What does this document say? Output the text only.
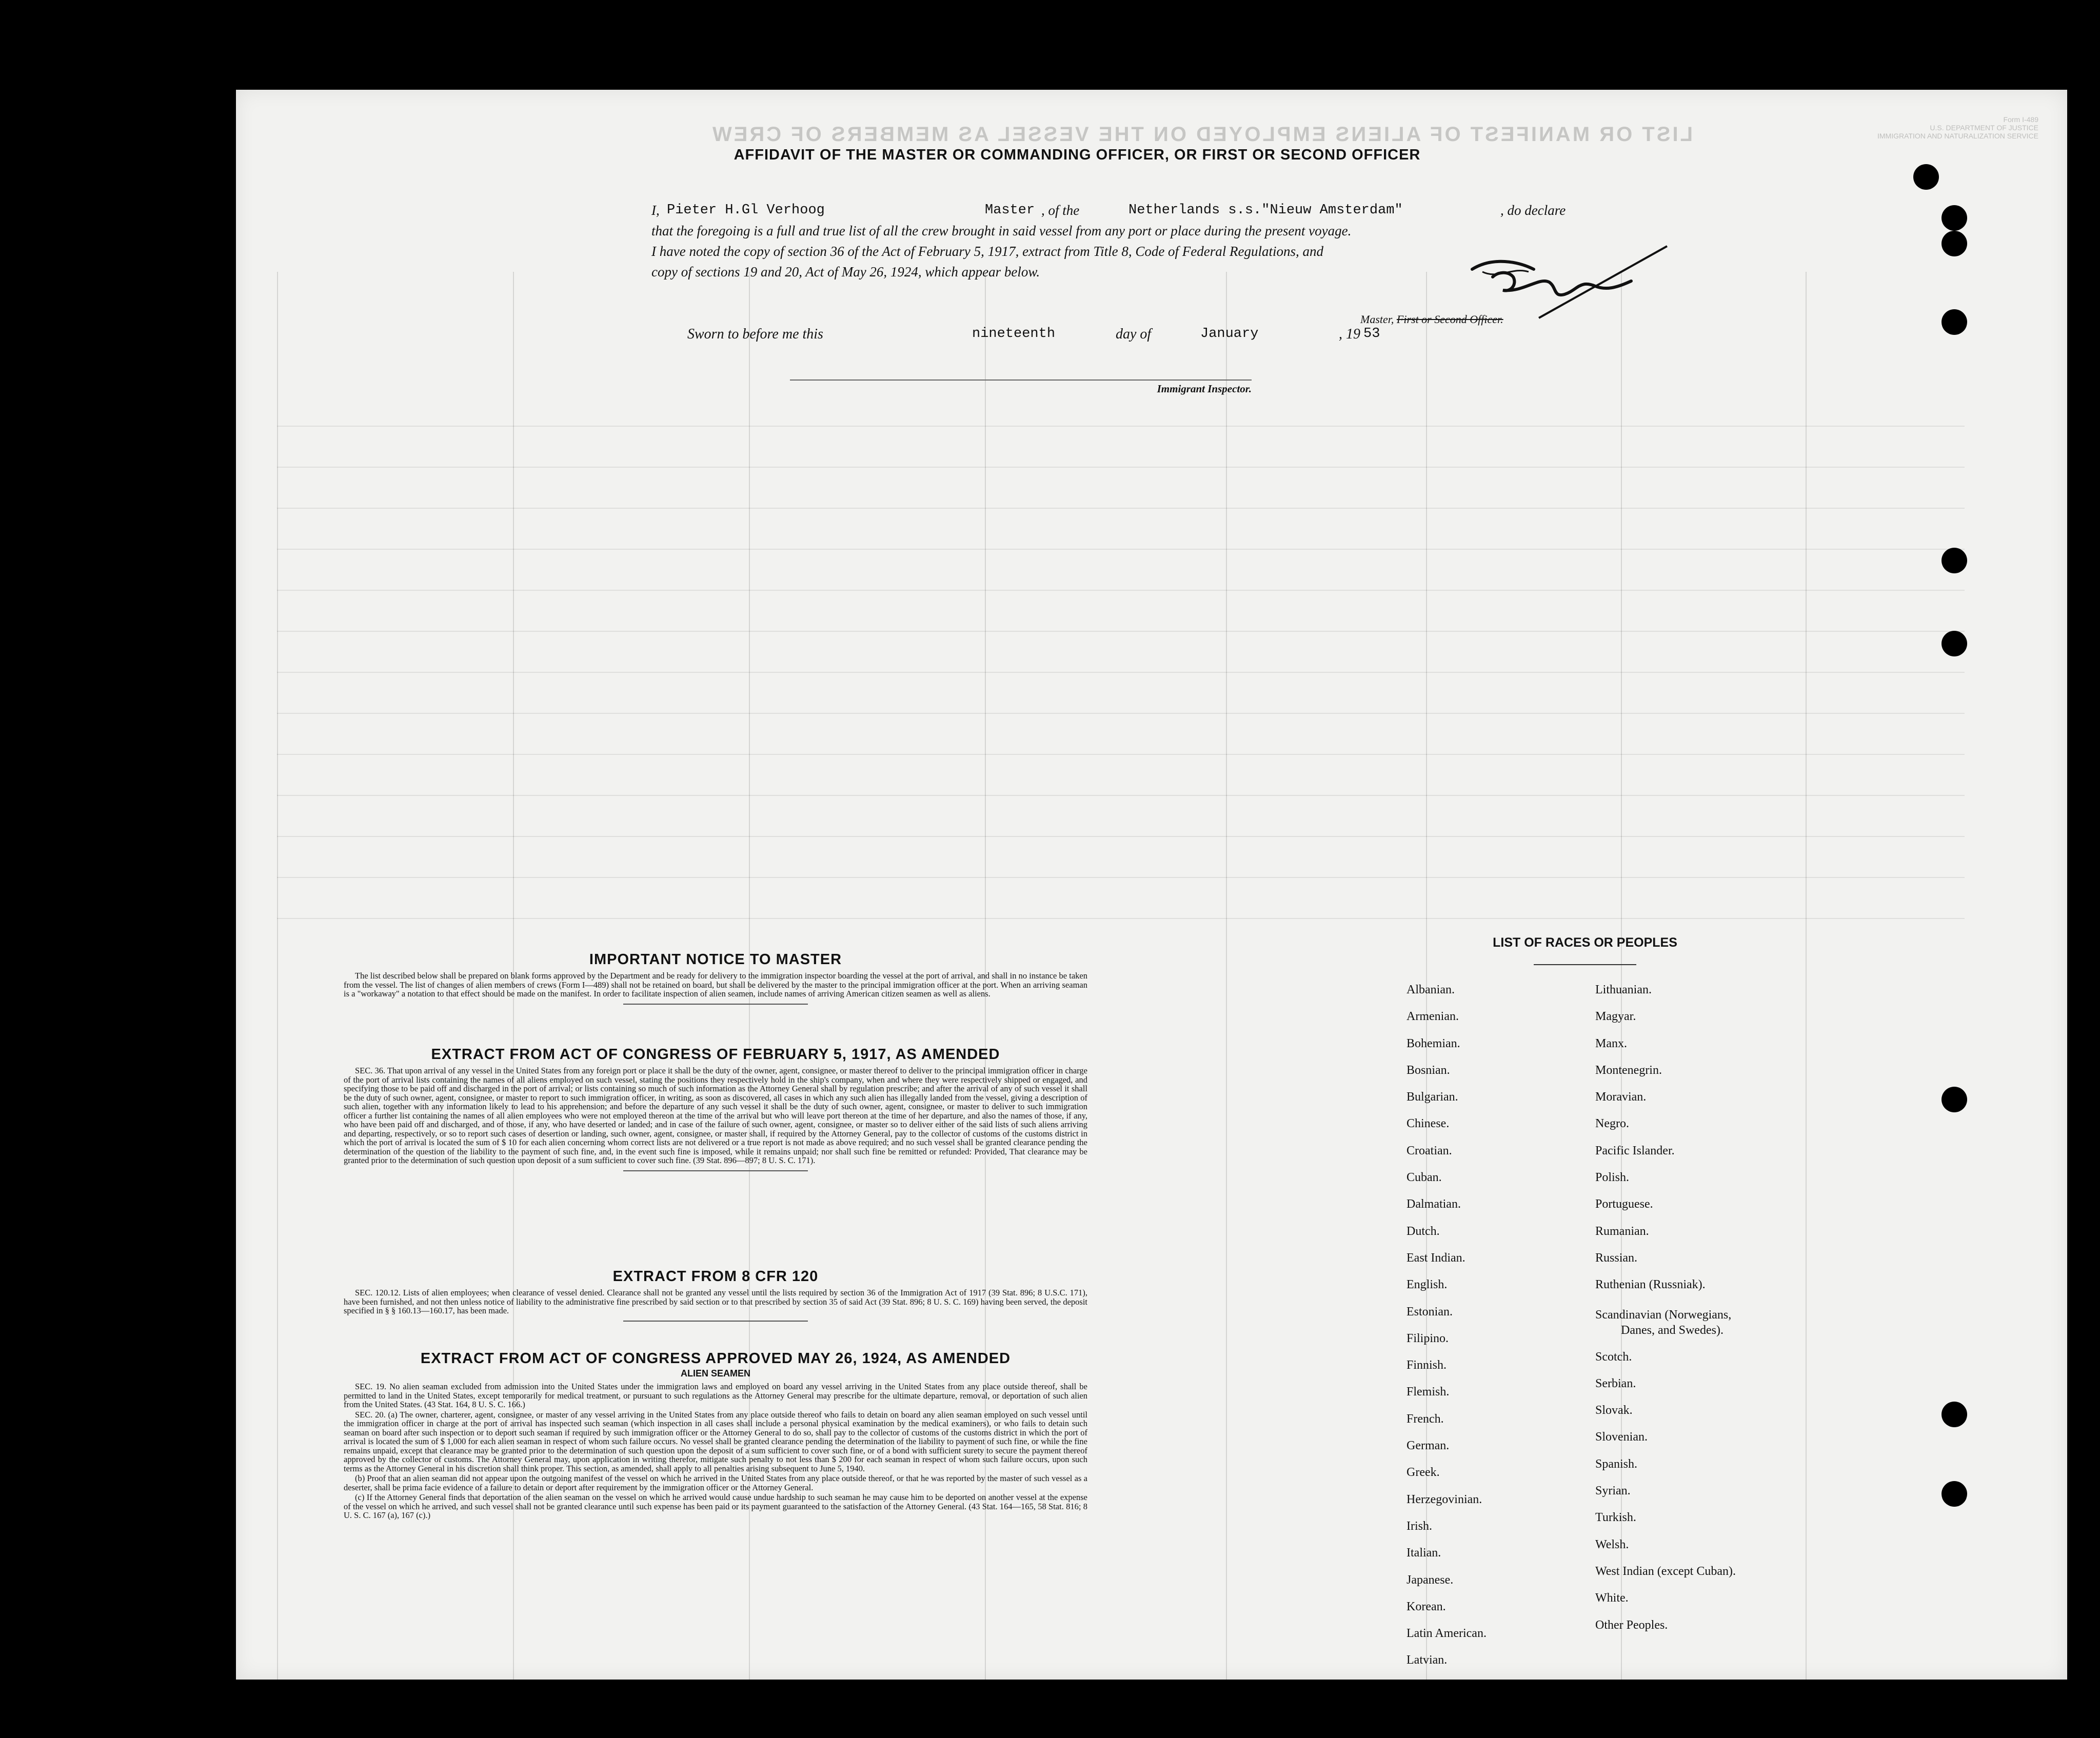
LIST OR MANIFEST OF ALIENS EMPLOYED ON THE VESSEL AS MEMBERS OF CREW
Form I-489
U.S. DEPARTMENT OF JUSTICE
IMMIGRATION AND NATURALIZATION SERVICE
AFFIDAVIT OF THE MASTER OR COMMANDING OFFICER, OR FIRST OR SECOND OFFICER
I, Pieter H.Gl Verhoog	Master , of the	Netherlands s.s."Nieuw Amsterdam"	, do declare
that the foregoing is a full and true list of all the crew brought in said vessel from any port or place during the present voyage.
I have noted the copy of section 36 of the Act of February 5, 1917, extract from Title 8, Code of Federal Regulations, and
copy of sections 19 and 20, Act of May 26, 1924, which appear below.
Master, First or Second Officer.
Sworn to before me this	nineteenth	day of	January	, 19 53
Immigrant Inspector.
IMPORTANT NOTICE TO MASTER

The list described below shall be prepared on blank forms approved by the Department and be ready for delivery to the immigration inspector boarding the vessel at the port of arrival, and shall in no instance be taken from the vessel. The list of changes of alien members of crews (Form I—489) shall not be retained on board, but shall be delivered by the master to the principal immigration officer at the port. When an arriving seaman is a "workaway" a notation to that effect should be made on the manifest. In order to facilitate inspection of alien seamen, include names of arriving American citizen seamen as well as aliens.

EXTRACT FROM ACT OF CONGRESS OF FEBRUARY 5, 1917, AS AMENDED

SEC. 36. That upon arrival of any vessel in the United States from any foreign port or place it shall be the duty of the owner, agent, consignee, or master thereof to deliver to the principal immigration officer in charge of the port of arrival lists containing the names of all aliens employed on such vessel, stating the positions they respectively hold in the ship's company, when and where they were respectively shipped or engaged, and specifying those to be paid off and discharged in the port of arrival; or lists containing so much of such information as the Attorney General shall by regulation prescribe; and after the arrival of any of such vessel it shall be the duty of such owner, agent, consignee, or master to report to such immigration officer, in writing, as soon as discovered, all cases in which any such alien has illegally landed from the vessel, giving a description of such alien, together with any information likely to lead to his apprehension; and before the departure of any such vessel it shall be the duty of such owner, agent, consignee, or master to deliver to such immigration officer a further list containing the names of all alien employees who were not employed thereon at the time of the arrival but who will leave port thereon at the time of her departure, and also the names of those, if any, who have been paid off and discharged, and of those, if any, who have deserted or landed; and in case of the failure of such owner, agent, consignee, or master so to deliver either of the said lists of such aliens arriving and departing, respectively, or so to report such cases of desertion or landing, such owner, agent, consignee, or master shall, if required by the Attorney General, pay to the collector of customs of the customs district in which the port of arrival is located the sum of $ 10 for each alien concerning whom correct lists are not delivered or a true report is not made as above required; and no such vessel shall be granted clearance pending the determination of the question of the liability to the payment of such fine, and, in the event such fine is imposed, while it remains unpaid; nor shall such fine be remitted or refunded: Provided, That clearance may be granted prior to the determination of such question upon deposit of a sum sufficient to cover such fine. (39 Stat. 896—897; 8 U. S. C. 171).

EXTRACT FROM 8 CFR 120

SEC. 120.12. Lists of alien employees; when clearance of vessel denied. Clearance shall not be granted any vessel until the lists required by section 36 of the Immigration Act of 1917 (39 Stat. 896; 8 U.S.C. 171), have been furnished, and not then unless notice of liability to the administrative fine prescribed by said section or to that prescribed by section 35 of said Act (39 Stat. 896; 8 U. S. C. 169) having been served, the deposit specified in § § 160.13—160.17, has been made.

EXTRACT FROM ACT OF CONGRESS APPROVED MAY 26, 1924, AS AMENDED
ALIEN SEAMEN

SEC. 19. No alien seaman excluded from admission into the United States under the immigration laws and employed on board any vessel arriving in the United States from any place outside thereof, shall be permitted to land in the United States, except temporarily for medical treatment, or pursuant to such regulations as the Attorney General may prescribe for the ultimate departure, removal, or deportation of such alien from the United States. (43 Stat. 164, 8 U. S. C. 166.)

SEC. 20. (a) The owner, charterer, agent, consignee, or master of any vessel arriving in the United States from any place outside thereof who fails to detain on board any alien seaman employed on such vessel until the immigration officer in charge at the port of arrival has inspected such seaman (which inspection in all cases shall include a personal physical examination by the medical examiners), or who fails to detain such seaman on board after such inspection or to deport such seaman if required by such immigration officer or the Attorney General to do so, shall pay to the collector of customs of the customs district in which the port of arrival is located the sum of $ 1,000 for each alien seaman in respect of whom such failure occurs. No vessel shall be granted clearance pending the determination of the liability to payment of such fine, or while the fine remains unpaid, except that clearance may be granted prior to the determination of such question upon the deposit of a sum sufficient to cover such fine, or of a bond with sufficient surety to secure the payment thereof approved by the collector of customs. The Attorney General may, upon application in writing therefor, mitigate such penalty to not less than $ 200 for each seaman in respect of whom such failure occurs, upon such terms as the Attorney General in his discretion shall think proper. This section, as amended, shall apply to all penalties arising subsequent to June 5, 1940.

(b) Proof that an alien seaman did not appear upon the outgoing manifest of the vessel on which he arrived in the United States from any place outside thereof, or that he was reported by the master of such vessel as a deserter, shall be prima facie evidence of a failure to detain or deport after requirement by the immigration officer or the Attorney General.

(c) If the Attorney General finds that deportation of the alien seaman on the vessel on which he arrived would cause undue hardship to such seaman he may cause him to be deported on another vessel at the expense of the vessel on which he arrived, and such vessel shall not be granted clearance until such expense has been paid or its payment guaranteed to the satisfaction of the Attorney General. (43 Stat. 164—165, 58 Stat. 816; 8 U. S. C. 167 (a), 167 (c).)

LIST OF RACES OR PEOPLES
Albanian.
Armenian.
Bohemian.
Bosnian.
Bulgarian.
Chinese.
Croatian.
Cuban.
Dalmatian.
Dutch.
East Indian.
English.
Estonian.
Filipino.
Finnish.
Flemish.
French.
German.
Greek.
Herzegovinian.
Irish.
Italian.
Japanese.
Korean.
Latin American.
Latvian.
Lithuanian.
Magyar.
Manx.
Montenegrin.
Moravian.
Negro.
Pacific Islander.
Polish.
Portuguese.
Rumanian.
Russian.
Ruthenian (Russniak).
Scandinavian (Norwegians,
Danes, and Swedes).
Scotch.
Serbian.
Slovak.
Slovenian.
Spanish.
Syrian.
Turkish.
Welsh.
West Indian (except Cuban).
White.
Other Peoples.
